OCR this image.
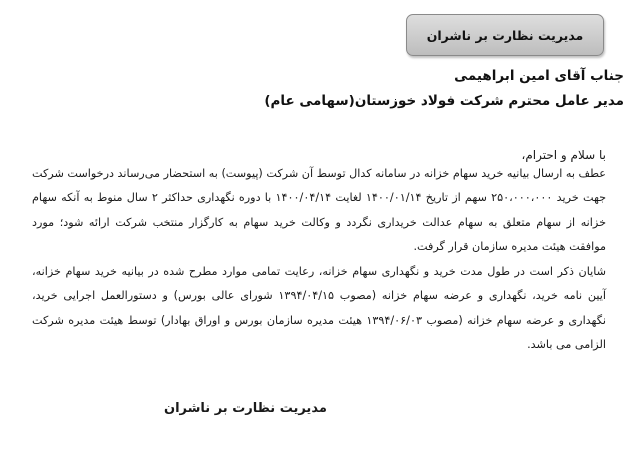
مدیریت نظارت بر ناشران
جناب آقای امین ابراهیمی
مدیر عامل محترم شرکت فولاد خوزستان(سهامی عام)
با سلام و احترام،
عطف به ارسال بیانیه خرید سهام خزانه در سامانه کدال توسط آن شرکت (پیوست) به استحضار می‌رساند درخواست شرکت جهت خرید ۲۵۰،۰۰۰،۰۰۰ سهم از تاریخ ۱۴۰۰/۰۱/۱۴ لغایت ۱۴۰۰/۰۴/۱۴ با دوره نگهداری حداکثر ۲ سال منوط به آنکه سهام خزانه از سهام متعلق به سهام عدالت خریداری نگردد و وکالت خرید سهام به کارگزار منتخب شرکت ارائه شود؛ مورد موافقت هیئت مدیره سازمان قرار گرفت.
شایان ذکر است در طول مدت خرید و نگهداری سهام خزانه، رعایت تمامی موارد مطرح شده در بیانیه خرید سهام خزانه، آیین نامه خرید، نگهداری و عرضه سهام خزانه (مصوب ۱۳۹۴/۰۴/۱۵ شورای عالی بورس) و دستورالعمل اجرایی خرید، نگهداری و عرضه سهام خزانه (مصوب ۱۳۹۴/۰۶/۰۳ هیئت مدیره سازمان بورس و اوراق بهادار) توسط هیئت مدیره شرکت الزامی می باشد.
مدیریت نظارت بر ناشران
